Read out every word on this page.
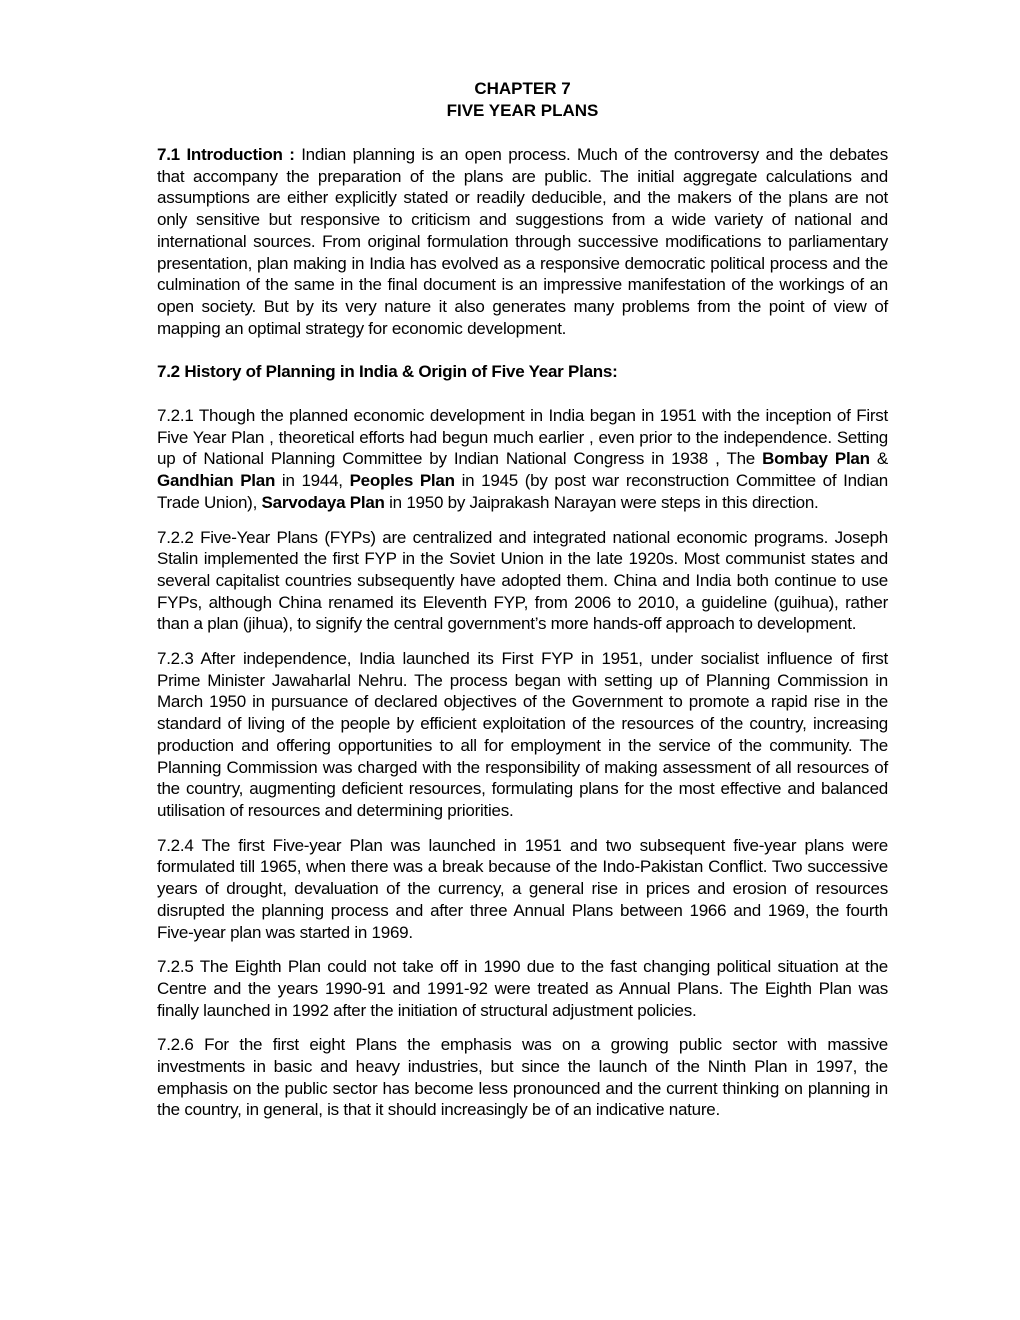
CHAPTER 7
FIVE YEAR PLANS

7.1 Introduction : Indian planning is an open process. Much of the controversy and the debates that accompany the preparation of the plans are public. The initial aggregate calculations and assumptions are either explicitly stated or readily deducible, and the makers of the plans are not only sensitive but responsive to criticism and suggestions from a wide variety of national and international sources. From original formulation through successive modifications to parliamentary presentation, plan making in India has evolved as a responsive democratic political process and the culmination of the same in the final document is an impressive manifestation of the workings of an open society. But by its very nature it also generates many problems from the point of view of mapping an optimal strategy for economic development.

7.2 History of Planning in India & Origin of Five Year Plans:

7.2.1 Though the planned economic development in India began in 1951 with the inception of First Five Year Plan , theoretical efforts had begun much earlier , even prior to the independence. Setting up of National Planning Committee by Indian National Congress in 1938 , The Bombay Plan & Gandhian Plan in 1944, Peoples Plan in 1945 (by post war reconstruction Committee of Indian Trade Union), Sarvodaya Plan in 1950 by Jaiprakash Narayan were steps in this direction.

7.2.2 Five-Year Plans (FYPs) are centralized and integrated national economic programs. Joseph Stalin implemented the first FYP in the Soviet Union in the late 1920s. Most communist states and several capitalist countries subsequently have adopted them. China and India both continue to use FYPs, although China renamed its Eleventh FYP, from 2006 to 2010, a guideline (guihua), rather than a plan (jihua), to signify the central government’s more hands-off approach to development.

7.2.3 After independence, India launched its First FYP in 1951, under socialist influence of first Prime Minister Jawaharlal Nehru. The process began with setting up of Planning Commission in March 1950 in pursuance of declared objectives of the Government to promote a rapid rise in the standard of living of the people by efficient exploitation of the resources of the country, increasing production and offering opportunities to all for employment in the service of the community. The Planning Commission was charged with the responsibility of making assessment of all resources of the country, augmenting deficient resources, formulating plans for the most effective and balanced utilisation of resources and determining priorities.

7.2.4 The first Five-year Plan was launched in 1951 and two subsequent five-year plans were formulated till 1965, when there was a break because of the Indo-Pakistan Conflict. Two successive years of drought, devaluation of the currency, a general rise in prices and erosion of resources disrupted the planning process and after three Annual Plans between 1966 and 1969, the fourth Five-year plan was started in 1969.

7.2.5 The Eighth Plan could not take off in 1990 due to the fast changing political situation at the Centre and the years 1990-91 and 1991-92 were treated as Annual Plans. The Eighth Plan was finally launched in 1992 after the initiation of structural adjustment policies.

7.2.6 For the first eight Plans the emphasis was on a growing public sector with massive investments in basic and heavy industries, but since the launch of the Ninth Plan in 1997, the emphasis on the public sector has become less pronounced and the current thinking on planning in the country, in general, is that it should increasingly be of an indicative nature.
